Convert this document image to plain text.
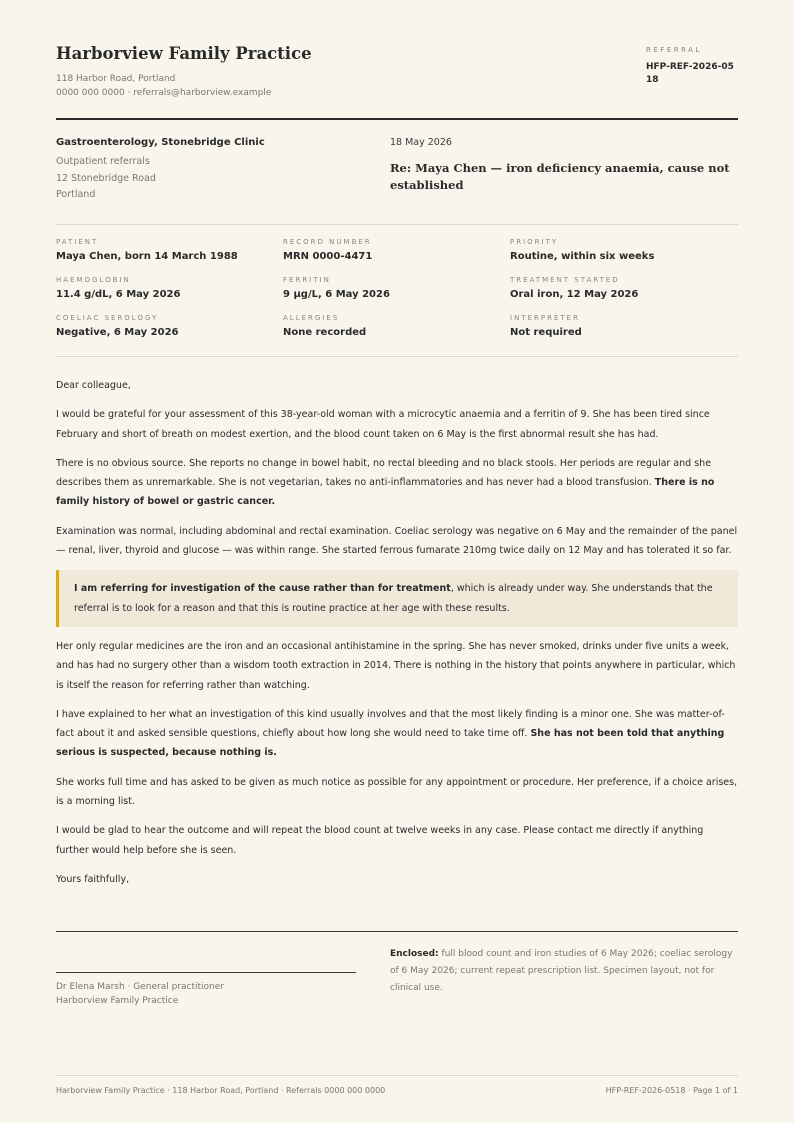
Harborview Family Practice
118 Harbor Road, Portland
0000 000 0000 · referrals@harborview.example
REFERRAL
HFP-REF-2026-0518
Gastroenterology, Stonebridge Clinic
Outpatient referrals
12 Stonebridge Road
Portland
18 May 2026
Re: Maya Chen — iron deficiency anaemia, cause not established
PATIENT
Maya Chen, born 14 March 1988
RECORD NUMBER
MRN 0000-4471
PRIORITY
Routine, within six weeks
HAEMOGLOBIN
11.4 g/dL, 6 May 2026
FERRITIN
9 µg/L, 6 May 2026
TREATMENT STARTED
Oral iron, 12 May 2026
COELIAC SEROLOGY
Negative, 6 May 2026
ALLERGIES
None recorded
INTERPRETER
Not required

Dear colleague,

I would be grateful for your assessment of this 38-year-old woman with a microcytic anaemia and a ferritin of 9. She has been tired since February and short of breath on modest exertion, and the blood count taken on 6 May is the first abnormal result she has had.

There is no obvious source. She reports no change in bowel habit, no rectal bleeding and no black stools. Her periods are regular and she describes them as unremarkable. She is not vegetarian, takes no anti-inflammatories and has never had a blood transfusion. There is no family history of bowel or gastric cancer.

Examination was normal, including abdominal and rectal examination. Coeliac serology was negative on 6 May and the remainder of the panel — renal, liver, thyroid and glucose — was within range. She started ferrous fumarate 210mg twice daily on 12 May and has tolerated it so far.

I am referring for investigation of the cause rather than for treatment, which is already under way. She understands that the referral is to look for a reason and that this is routine practice at her age with these results.

Her only regular medicines are the iron and an occasional antihistamine in the spring. She has never smoked, drinks under five units a week, and has had no surgery other than a wisdom tooth extraction in 2014. There is nothing in the history that points anywhere in particular, which is itself the reason for referring rather than watching.

I have explained to her what an investigation of this kind usually involves and that the most likely finding is a minor one. She was matter-of-fact about it and asked sensible questions, chiefly about how long she would need to take time off. She has not been told that anything serious is suspected, because nothing is.

She works full time and has asked to be given as much notice as possible for any appointment or procedure. Her preference, if a choice arises, is a morning list.

I would be glad to hear the outcome and will repeat the blood count at twelve weeks in any case. Please contact me directly if anything further would help before she is seen.

Yours faithfully,

Dr Elena Marsh · General practitioner
Harborview Family Practice
Enclosed: full blood count and iron studies of 6 May 2026; coeliac serology of 6 May 2026; current repeat prescription list. Specimen layout, not for clinical use.
Harborview Family Practice · 118 Harbor Road, Portland · Referrals 0000 000 0000	HFP-REF-2026-0518 · Page 1 of 1
